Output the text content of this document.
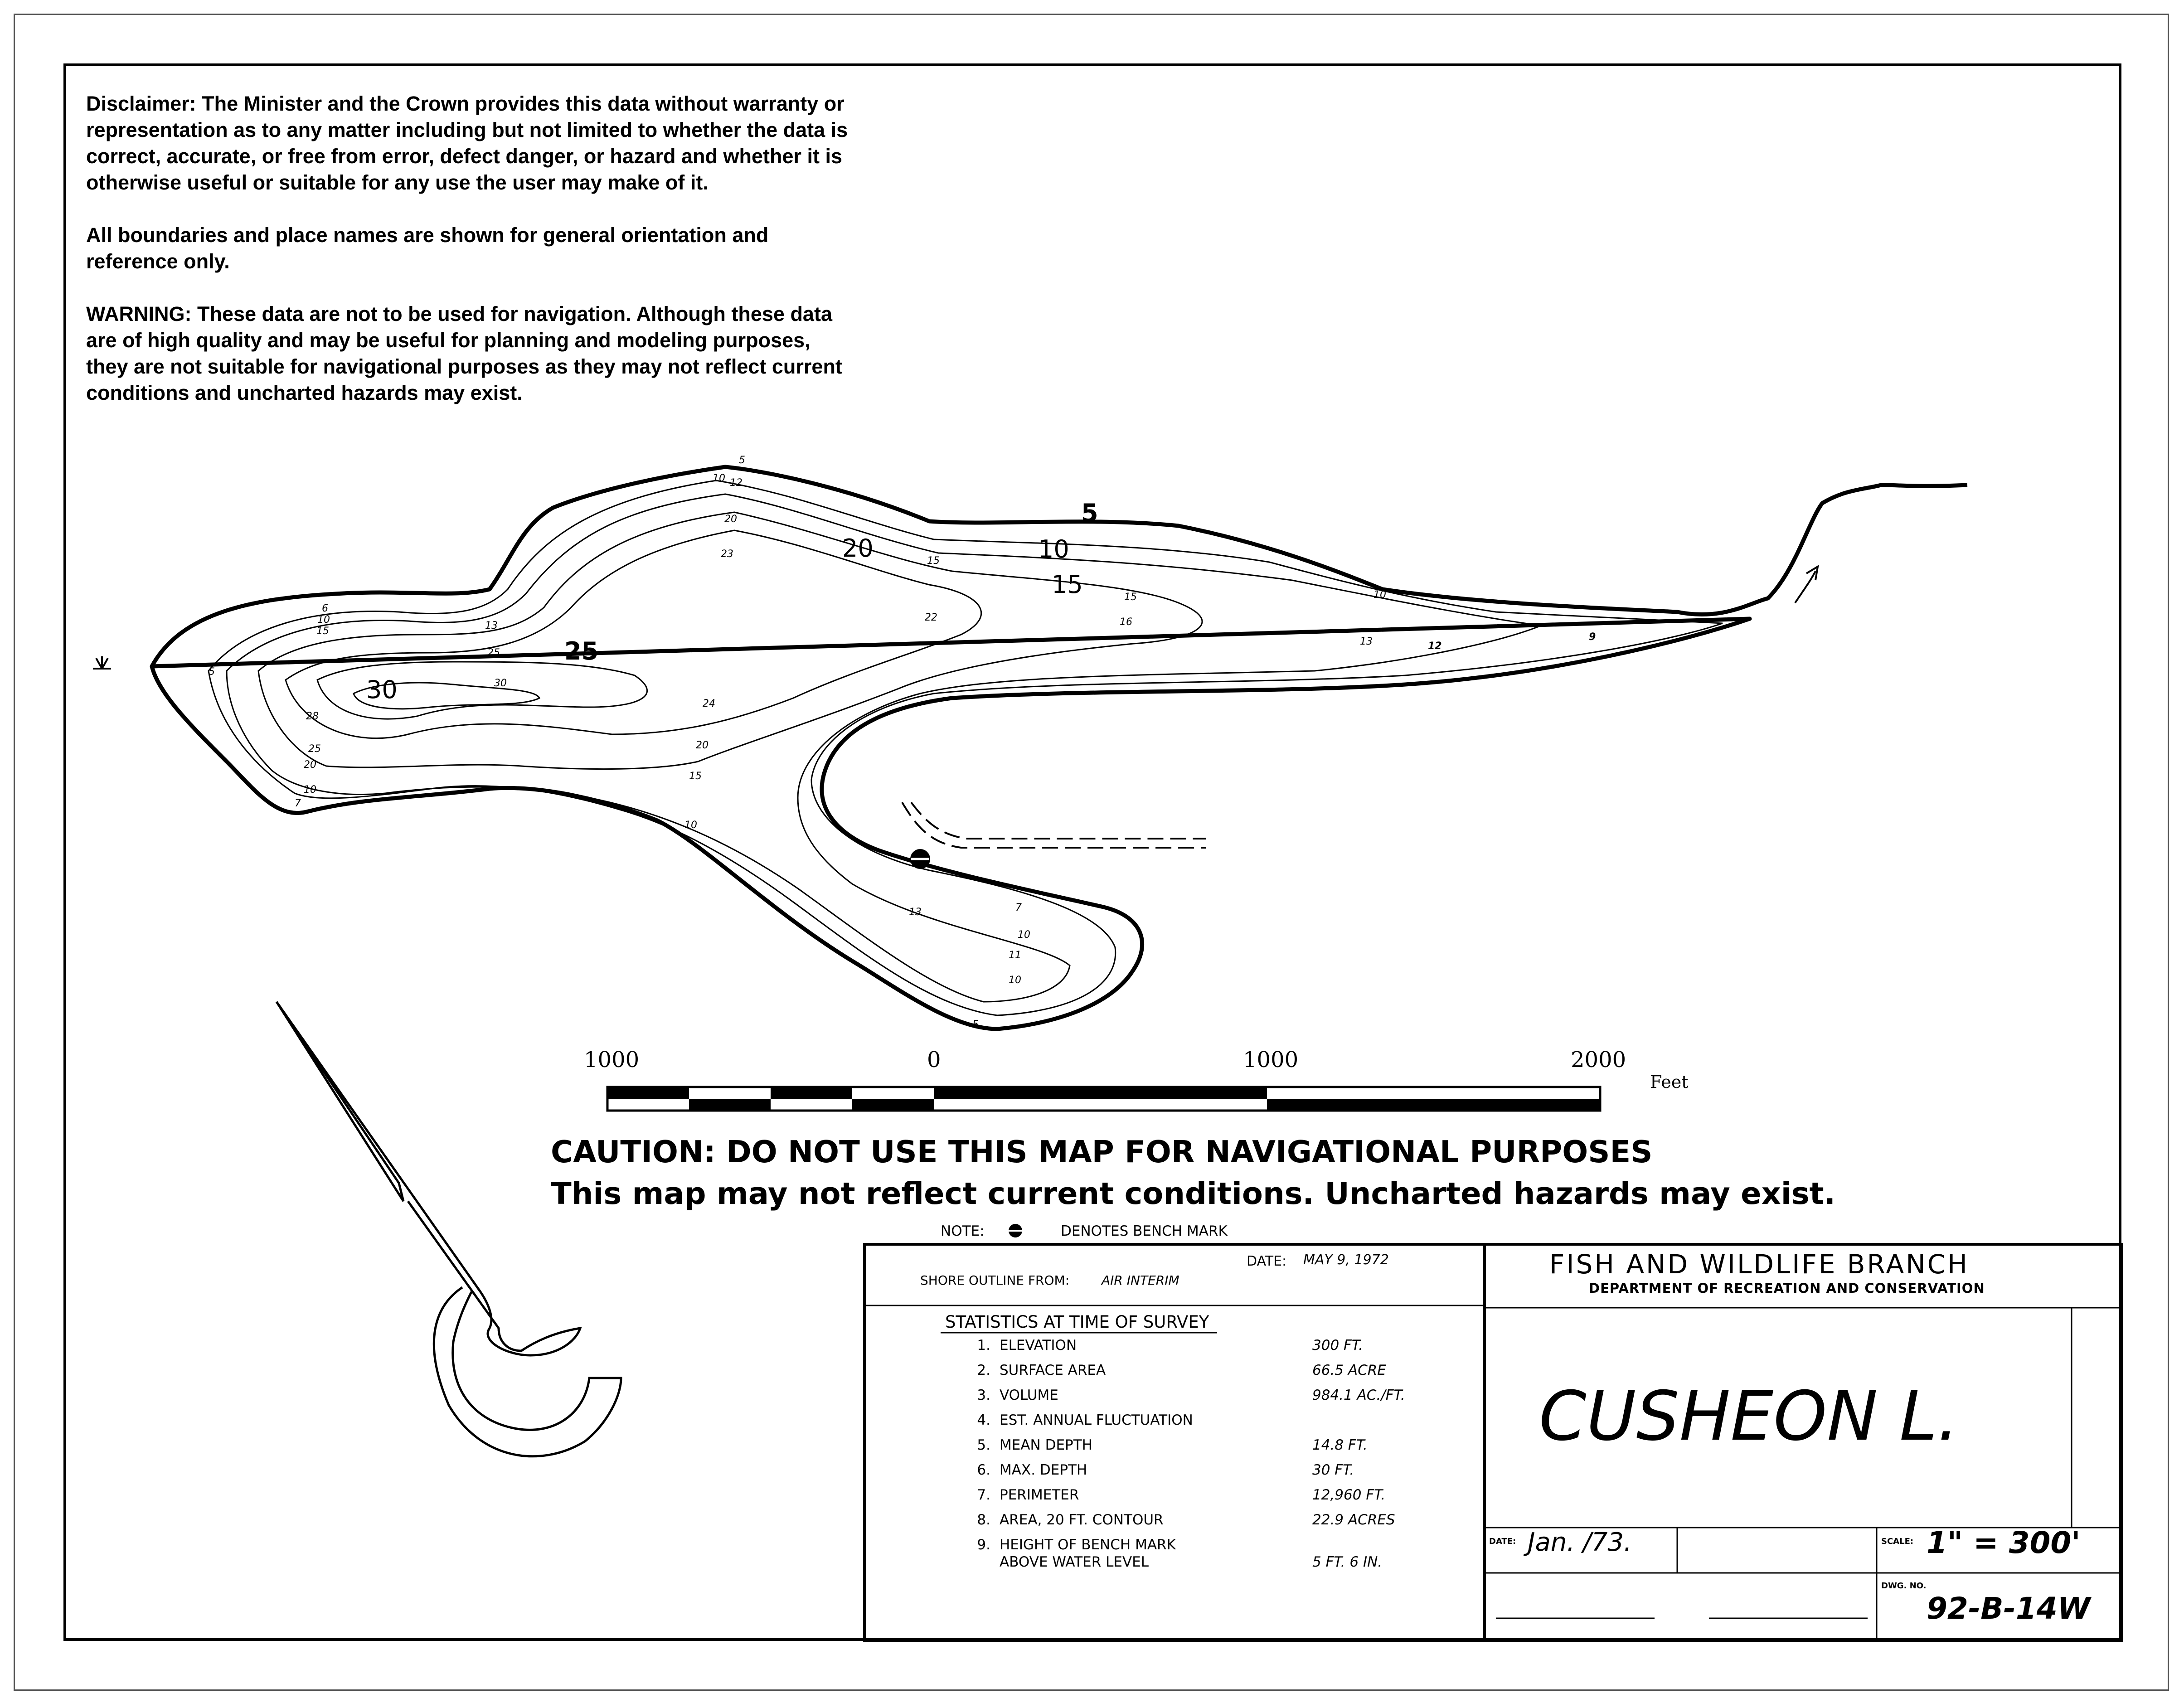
Disclaimer: The Minister and the Crown provides this data without warranty or representation as to any matter including but not limited to whether the data is correct, accurate, or free from error, defect danger, or hazard and whether it is otherwise useful or suitable for any use the user may make of it.

All boundaries and place names are shown for general orientation and reference only.

WARNING: These data are not to be used for navigation. Although these data are of high quality and may be useful for planning and modeling purposes, they are not suitable for navigational purposes as they may not reflect current conditions and uncharted hazards may exist.

5
10
15
20
25
30
5
10 12
15
20
23
22	16
15
13	12
9
10
25
30
28
24
20
15
10
13	7
10
11
10
5
6
10
15	13
25
20
10
7
5
1000	0	1000	2000
Feet
CAUTION: DO NOT USE THIS MAP FOR NAVIGATIONAL PURPOSES
This map may not reflect current conditions. Uncharted hazards may exist.
NOTE:	DENOTES BENCH MARK
DATE: MAY 9, 1972
SHORE OUTLINE FROM:	AIR INTERIM
STATISTICS AT TIME OF SURVEY
1. ELEVATION	300 FT.
2. SURFACE AREA	66.5 ACRE
3. VOLUME	984.1 AC./FT.
4. EST. ANNUAL FLUCTUATION
5. MEAN DEPTH	14.8 FT.
6. MAX. DEPTH	30 FT.
7. PERIMETER	12,960 FT.
8. AREA, 20 FT. CONTOUR	22.9 ACRES
9. HEIGHT OF BENCH MARK
ABOVE WATER LEVEL	5 FT. 6 IN.
FISH AND WILDLIFE BRANCH
DEPARTMENT OF RECREATION AND CONSERVATION
CUSHEON L.
DATE: Jan. /73.	SCALE: 1" = 300'
DWG. NO.
92-B-14W
